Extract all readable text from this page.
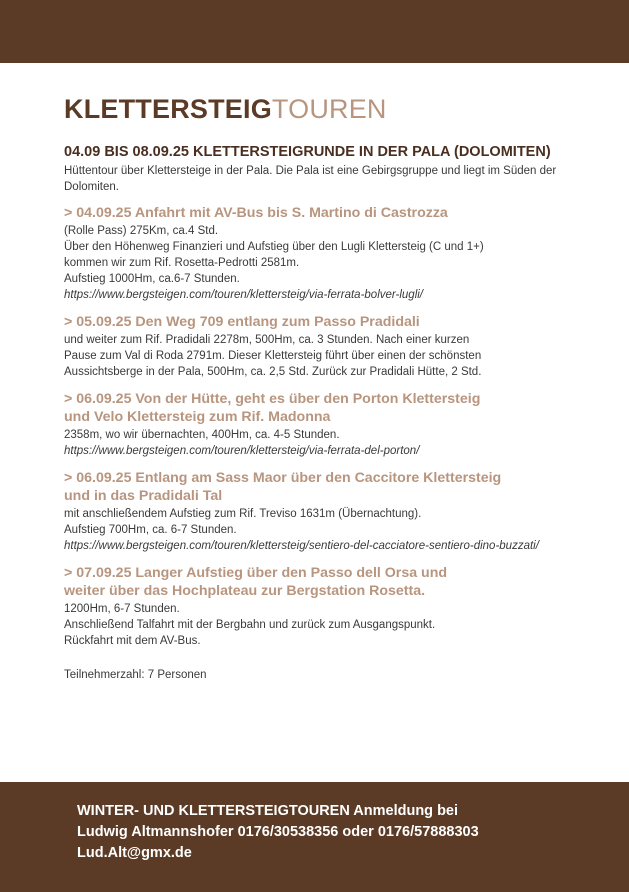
KLETTERSTEIGTOUREN
04.09 BIS 08.09.25 KLETTERSTEIGRUNDE IN DER PALA (DOLOMITEN)
Hüttentour über Klettersteige in der Pala. Die Pala ist eine Gebirgsgruppe und liegt im Süden der
Dolomiten.
> 04.09.25 Anfahrt mit AV-Bus bis S. Martino di Castrozza
(Rolle Pass) 275Km, ca.4 Std.
Über den Höhenweg Finanzieri und Aufstieg über den Lugli Klettersteig (C und 1+)
kommen wir zum Rif. Rosetta-Pedrotti 2581m.
Aufstieg 1000Hm, ca.6-7 Stunden.
https://www.bergsteigen.com/touren/klettersteig/via-ferrata-bolver-lugli/
> 05.09.25 Den Weg 709 entlang zum Passo Pradidali
und weiter zum Rif. Pradidali 2278m, 500Hm, ca. 3 Stunden. Nach einer kurzen
Pause zum Val di Roda 2791m. Dieser Klettersteig führt über einen der schönsten
Aussichtsberge in der Pala, 500Hm, ca. 2,5 Std. Zurück zur Pradidali Hütte, 2 Std.
> 06.09.25 Von der Hütte, geht es über den Porton Klettersteig
und Velo Klettersteig zum Rif. Madonna
2358m, wo wir übernachten, 400Hm, ca. 4-5 Stunden.
https://www.bergsteigen.com/touren/klettersteig/via-ferrata-del-porton/
> 06.09.25 Entlang am Sass Maor über den Caccitore Klettersteig
und in das Pradidali Tal
mit anschließendem Aufstieg zum Rif. Treviso 1631m (Übernachtung).
Aufstieg 700Hm, ca. 6-7 Stunden.
https://www.bergsteigen.com/touren/klettersteig/sentiero-del-cacciatore-sentiero-dino-buzzati/
> 07.09.25 Langer Aufstieg über den Passo dell Orsa und
weiter über das Hochplateau zur Bergstation Rosetta.
1200Hm, 6-7 Stunden.
Anschließend Talfahrt mit der Bergbahn und zurück zum Ausgangspunkt.
Rückfahrt mit dem AV-Bus.
Teilnehmerzahl: 7 Personen
WINTER- UND KLETTERSTEIGTOUREN Anmeldung bei
Ludwig Altmannshofer 0176/30538356 oder 0176/57888303
Lud.Alt@gmx.de
